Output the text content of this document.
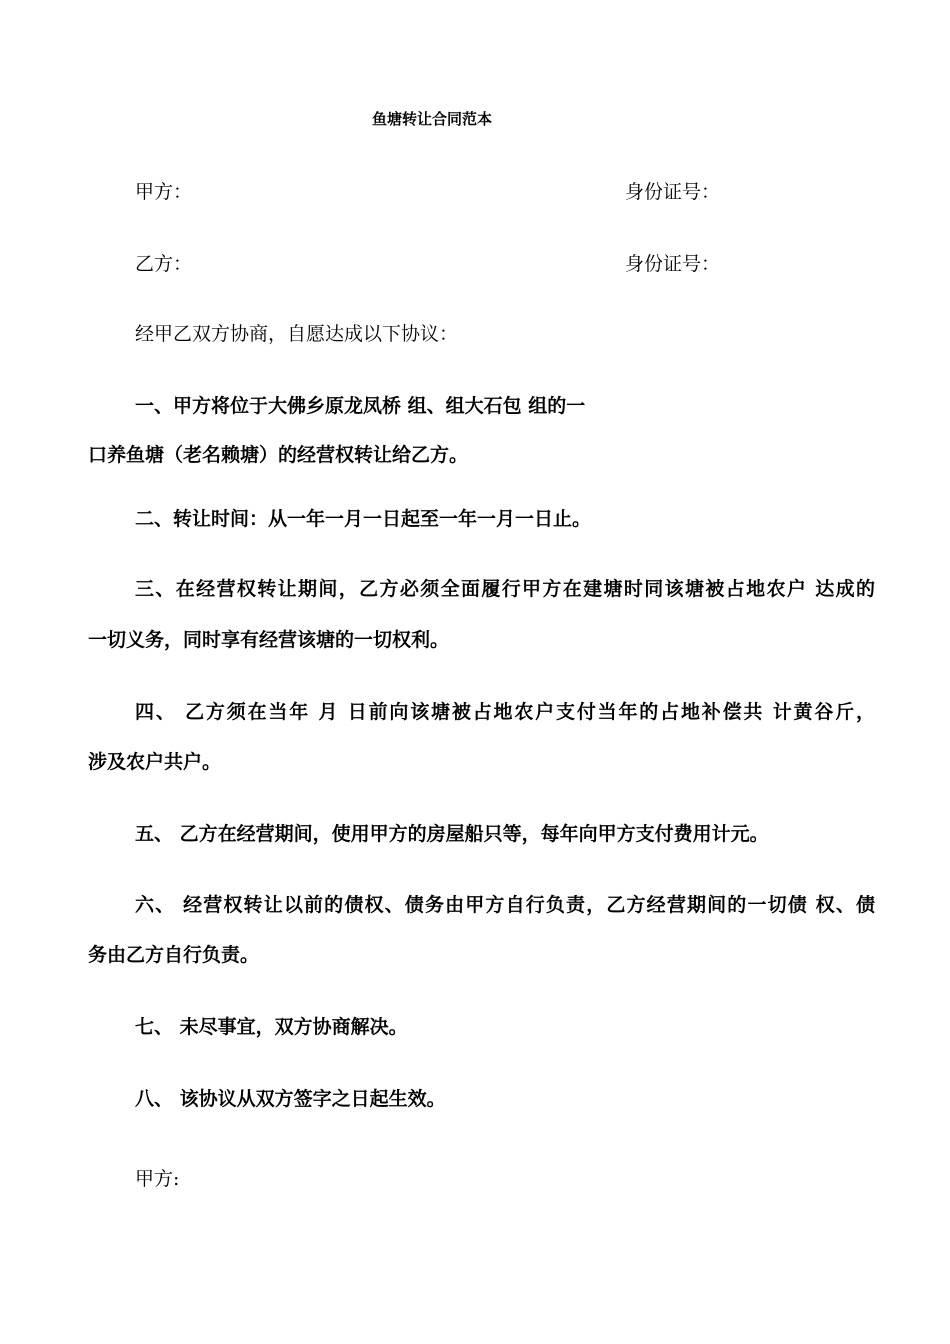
鱼塘转让合同范本
甲方：	身份证号：
乙方：	身份证号：
经甲乙双方协商，自愿达成以下协议：
一、甲方将位于大佛乡原龙凤桥 组、组大石包 组的一
口养鱼塘（老名赖塘）的经营权转让给乙方。
二、转让时间：从一年一月一日起至一年一月一日止。
三、在经营权转让期间，乙方必须全面履行甲方在建塘时同该塘被占地农户 达成的
一切义务，同时享有经营该塘的一切权利。
四、 乙方须在当年 月 日前向该塘被占地农户支付当年的占地补偿共 计黄谷斤，
涉及农户共户。
五、 乙方在经营期间，使用甲方的房屋船只等，每年向甲方支付费用计元。
六、 经营权转让以前的债权、债务由甲方自行负责，乙方经营期间的一切债 权、债
务由乙方自行负责。
七、 未尽事宜，双方协商解决。
八、 该协议从双方签字之日起生效。
甲方:
